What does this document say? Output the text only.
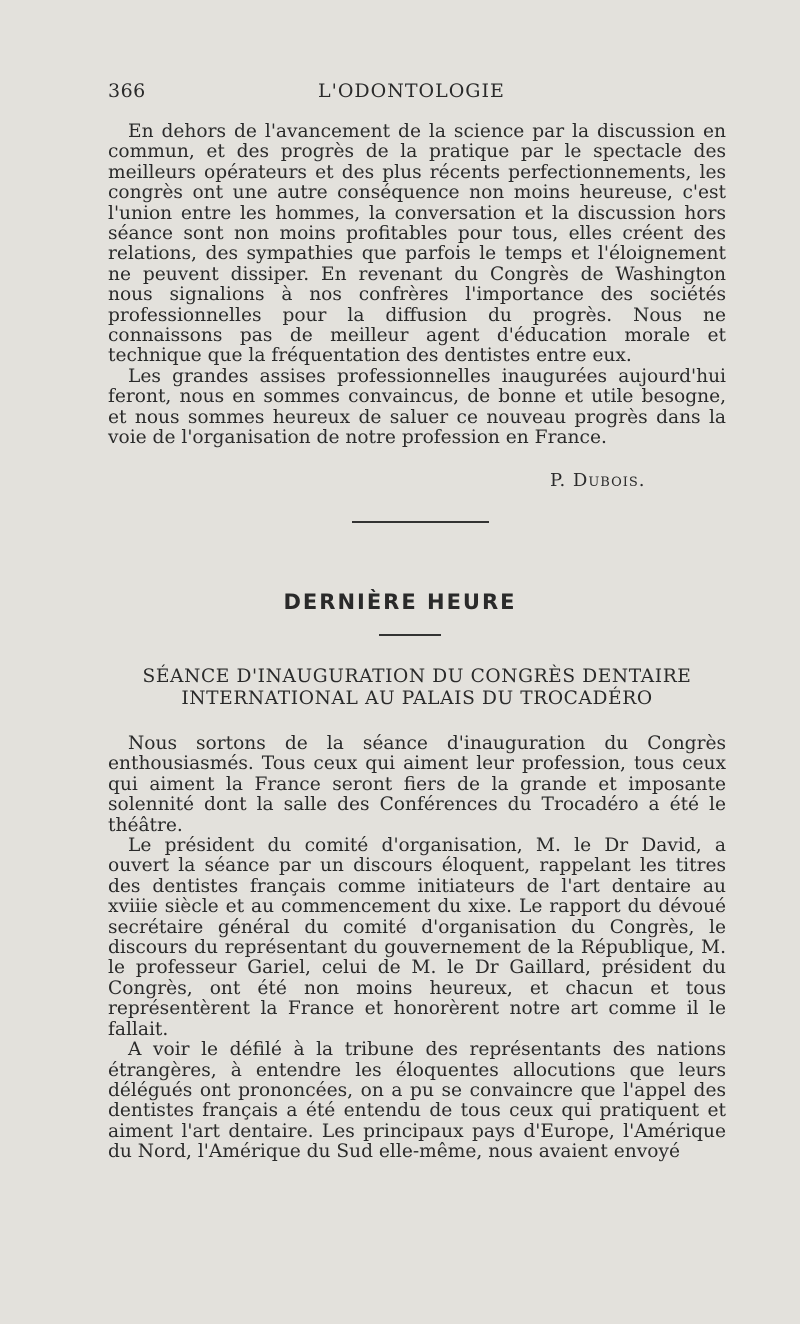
366	L'ODONTOLOGIE

En dehors de l'avancement de la science par la discussion en commun, et des progrès de la pratique par le spectacle des meilleurs opérateurs et des plus récents perfectionnements, les congrès ont une autre conséquence non moins heureuse, c'est l'union entre les hommes, la conversation et la discussion hors séance sont non moins profitables pour tous, elles créent des relations, des sympathies que parfois le temps et l'éloignement ne peuvent dissiper. En revenant du Congrès de Washington nous signalions à nos confrères l'importance des sociétés professionnelles pour la diffusion du progrès. Nous ne connaissons pas de meilleur agent d'éducation morale et technique que la fréquentation des dentistes entre eux.

Les grandes assises professionnelles inaugurées aujourd'hui feront, nous en sommes convaincus, de bonne et utile besogne, et nous sommes heureux de saluer ce nouveau progrès dans la voie de l'organisation de notre profession en France.

P. Dubois.
DERNIÈRE HEURE
SÉANCE D'INAUGURATION DU CONGRÈS DENTAIRE
INTERNATIONAL AU PALAIS DU TROCADÉRO

Nous sortons de la séance d'inauguration du Congrès enthousiasmés. Tous ceux qui aiment leur profession, tous ceux qui aiment la France seront fiers de la grande et imposante solennité dont la salle des Conférences du Trocadéro a été le théâtre.

Le président du comité d'organisation, M. le Dr David, a ouvert la séance par un discours éloquent, rappelant les titres des dentistes français comme initiateurs de l'art dentaire au xviiie siècle et au commencement du xixe. Le rapport du dévoué secrétaire général du comité d'organisation du Congrès, le discours du représentant du gouvernement de la République, M. le professeur Gariel, celui de M. le Dr Gaillard, président du Congrès, ont été non moins heureux, et chacun et tous représentèrent la France et honorèrent notre art comme il le fallait.

A voir le défilé à la tribune des représentants des nations étrangères, à entendre les éloquentes allocutions que leurs délégués ont prononcées, on a pu se convaincre que l'appel des dentistes français a été entendu de tous ceux qui pratiquent et aiment l'art dentaire. Les principaux pays d'Europe, l'Amérique du Nord, l'Amérique du Sud elle-même, nous avaient envoyé
